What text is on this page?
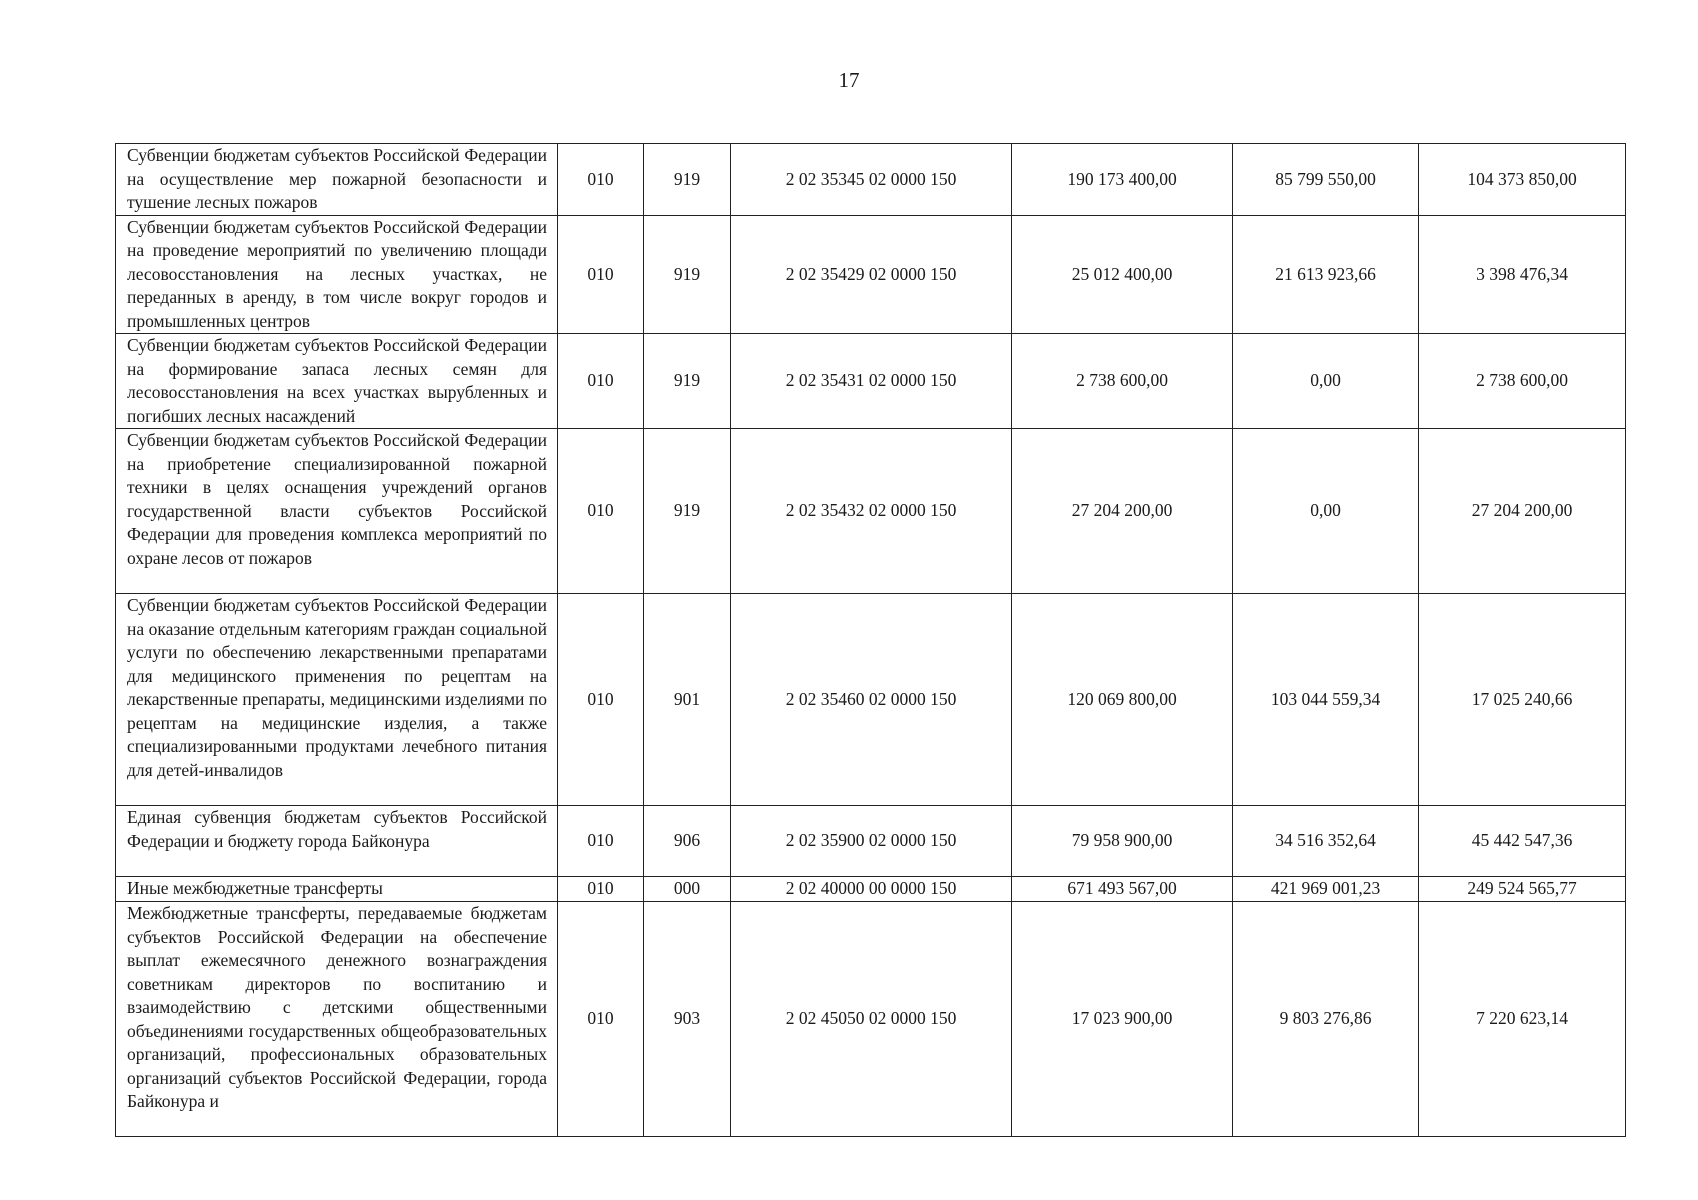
17
Субвенции бюджетам субъектов Российской Федерации на осуществление мер пожарной безопасности и тушение лесных пожаров	010	919	2 02 35345 02 0000 150	190 173 400,00	85 799 550,00	104 373 850,00
Субвенции бюджетам субъектов Российской Федерации на проведение мероприятий по увеличению площади лесовосстановления на лесных участках, не переданных в аренду, в том числе вокруг городов и промышленных центров	010	919	2 02 35429 02 0000 150	25 012 400,00	21 613 923,66	3 398 476,34
Субвенции бюджетам субъектов Российской Федерации на формирование запаса лесных семян для лесовосстановления на всех участках вырубленных и погибших лесных насаждений	010	919	2 02 35431 02 0000 150	2 738 600,00	0,00	2 738 600,00
Субвенции бюджетам субъектов Российской Федерации на приобретение специализированной пожарной техники в целях оснащения учреждений органов государственной власти субъектов Российской Федерации для проведения комплекса мероприятий по охране лесов от пожаров	010	919	2 02 35432 02 0000 150	27 204 200,00	0,00	27 204 200,00
Субвенции бюджетам субъектов Российской Федерации на оказание отдельным категориям граждан социальной услуги по обеспечению лекарственными препаратами для медицинского применения по рецептам на лекарственные препараты, медицинскими изделиями по рецептам на медицинские изделия, а также специализированными продуктами лечебного питания для детей-инвалидов	010	901	2 02 35460 02 0000 150	120 069 800,00	103 044 559,34	17 025 240,66
Единая субвенция бюджетам субъектов Российской Федерации и бюджету города Байконура	010	906	2 02 35900 02 0000 150	79 958 900,00	34 516 352,64	45 442 547,36
Иные межбюджетные трансферты	010	000	2 02 40000 00 0000 150	671 493 567,00	421 969 001,23	249 524 565,77
Межбюджетные трансферты, передаваемые бюджетам субъектов Российской Федерации на обеспечение выплат ежемесячного денежного вознаграждения советникам директоров по воспитанию и взаимодействию с детскими общественными объединениями государственных общеобразовательных организаций, профессиональных образовательных организаций субъектов Российской Федерации, города Байконура и	010	903	2 02 45050 02 0000 150	17 023 900,00	9 803 276,86	7 220 623,14
